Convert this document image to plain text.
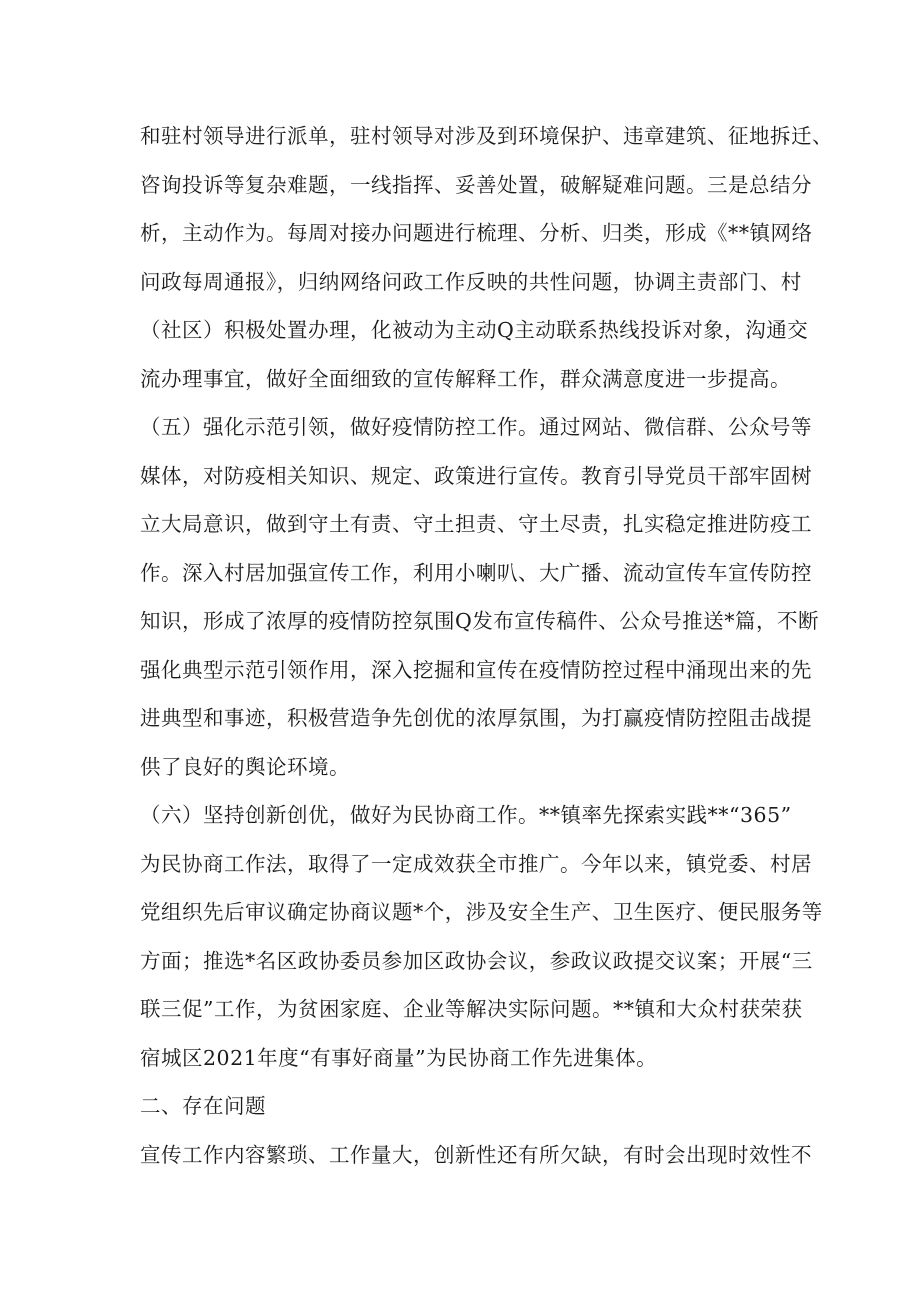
和驻村领导进行派单，驻村领导对涉及到环境保护、违章建筑、征地拆迁、
咨询投诉等复杂难题，一线指挥、妥善处置，破解疑难问题。三是总结分
析，主动作为。每周对接办问题进行梳理、分析、归类，形成《**镇网络
问政每周通报》，归纳网络问政工作反映的共性问题，协调主责部门、村
（社区）积极处置办理，化被动为主动Q主动联系热线投诉对象，沟通交
流办理事宜，做好全面细致的宣传解释工作，群众满意度进一步提高。
（五）强化示范引领，做好疫情防控工作。通过网站、微信群、公众号等
媒体，对防疫相关知识、规定、政策进行宣传。教育引导党员干部牢固树
立大局意识，做到守土有责、守土担责、守土尽责，扎实稳定推进防疫工
作。深入村居加强宣传工作，利用小喇叭、大广播、流动宣传车宣传防控
知识，形成了浓厚的疫情防控氛围Q发布宣传稿件、公众号推送*篇，不断
强化典型示范引领作用，深入挖掘和宣传在疫情防控过程中涌现出来的先
进典型和事迹，积极营造争先创优的浓厚氛围，为打赢疫情防控阻击战提
供了良好的舆论环境。
（六）坚持创新创优，做好为民协商工作。**镇率先探索实践**“365”
为民协商工作法，取得了一定成效获全市推广。今年以来，镇党委、村居
党组织先后审议确定协商议题*个，涉及安全生产、卫生医疗、便民服务等
方面；推选*名区政协委员参加区政协会议，参政议政提交议案；开展“三
联三促”工作，为贫困家庭、企业等解决实际问题。**镇和大众村获荣获
宿城区2021年度“有事好商量”为民协商工作先进集体。
二、存在问题
宣传工作内容繁琐、工作量大，创新性还有所欠缺，有时会出现时效性不
